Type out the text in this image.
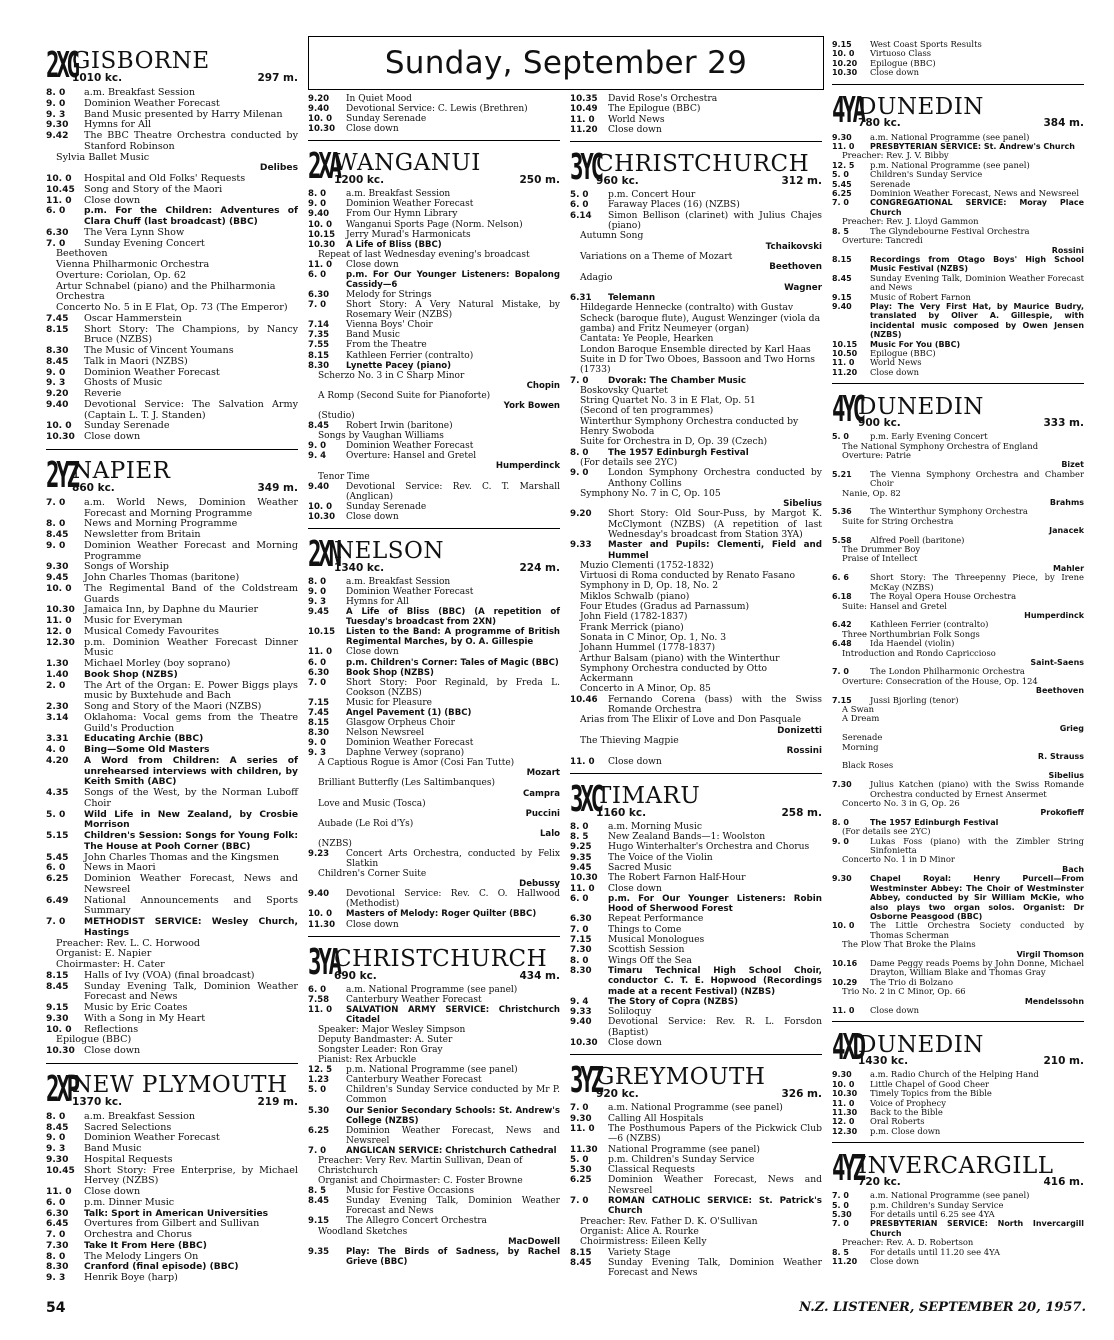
Sunday, September 29
2XG
GISBORNE
1010 kc.	297 m.
8. 0	a.m. Breakfast Session
9. 0	Dominion Weather Forecast
9. 3	Band Music presented by Harry Milenan
9.30	Hymns for All
9.42	The BBC Theatre Orchestra conducted by Stanford Robinson
Sylvia Ballet Music
Delibes
10. 0	Hospital and Old Folks' Requests
10.45 Song and Story of the Maori
11. 0	Close down
6. 0	p.m. For the Children: Adventures of Clara Chuff (last broadcast) (BBC)
6.30	The Vera Lynn Show
7. 0	Sunday Evening Concert
Beethoven
Vienna Philharmonic Orchestra
Overture: Coriolan, Op. 62
Artur Schnabel (piano) and the Philharmonia Orchestra
Concerto No. 5 in E Flat, Op. 73 (The Emperor)
7.45	Oscar Hammerstein
8.15	Short Story: The Champions, by Nancy Bruce (NZBS)
8.30	The Music of Vincent Youmans
8.45	Talk in Maori (NZBS)
9. 0	Dominion Weather Forecast
9. 3	Ghosts of Music
9.20	Reverie
9.40	Devotional Service: The Salvation Army (Captain L. T. J. Standen)
10. 0	Sunday Serenade
10.30 Close down
2YZ
NAPIER
860 kc.	349 m.
7. 0	a.m. World News, Dominion Weather Forecast and Morning Programme
8. 0	News and Morning Programme
8.45	Newsletter from Britain
9. 0	Dominion Weather Forecast and Morning Programme
9.30	Songs of Worship
9.45	John Charles Thomas (baritone)
10. 0	The Regimental Band of the Coldstream Guards
10.30 Jamaica Inn, by Daphne du Maurier
11. 0	Music for Everyman
12. 0	Musical Comedy Favourites
12.30 p.m. Dominion Weather Forecast Dinner Music
1.30	Michael Morley (boy soprano)
1.40	Book Shop (NZBS)
2. 0	The Art of the Organ: E. Power Biggs plays music by Buxtehude and Bach
2.30	Song and Story of the Maori (NZBS)
3.14	Oklahoma: Vocal gems from the Theatre Guild's Production
3.31	Educating Archie (BBC)
4. 0	Bing—Some Old Masters
4.20	A Word from Children: A series of unrehearsed interviews with children, by Keith Smith (ABC)
4.35	Songs of the West, by the Norman Luboff Choir
5. 0	Wild Life in New Zealand, by Crosbie Morrison
5.15	Children's Session: Songs for Young Folk: The House at Pooh Corner (BBC)
5.45	John Charles Thomas and the Kingsmen
6. 0	News in Maori
6.25	Dominion Weather Forecast, News and Newsreel
6.49	National Announcements and Sports Summary
7. 0	METHODIST SERVICE: Wesley Church, Hastings
Preacher: Rev. L. C. Horwood
Organist: E. Napier
Choirmaster: H. Cater
8.15	Halls of Ivy (VOA) (final broadcast)
8.45	Sunday Evening Talk, Dominion Weather Forecast and News
9.15	Music by Eric Coates
9.30	With a Song in My Heart
10. 0	Reflections
Epilogue (BBC)
10.30 Close down
2XP
NEW PLYMOUTH
1370 kc.	219 m.
8. 0	a.m. Breakfast Session
8.45	Sacred Selections
9. 0	Dominion Weather Forecast
9. 3	Band Music
9.30	Hospital Requests
10.45 Short Story: Free Enterprise, by Michael Hervey (NZBS)
11. 0	Close down
6. 0	p.m. Dinner Music
6.30	Talk: Sport in American Universities
6.45	Overtures from Gilbert and Sullivan
7. 0	Orchestra and Chorus
7.30	Take It From Here (BBC)
8. 0	The Melody Lingers On
8.30	Cranford (final episode) (BBC)
9. 3	Henrik Boye (harp)
9.20	In Quiet Mood
9.40	Devotional Service: C. Lewis (Brethren)
10. 0	Sunday Serenade
10.30	Close down
2XA
WANGANUI
1200 kc.	250 m.
8. 0	a.m. Breakfast Session
9. 0	Dominion Weather Forecast
9.40	From Our Hymn Library
10. 0	Wanganui Sports Page (Norm. Nelson)
10.15	Jerry Murad's Harmonicats
10.30	A Life of Bliss (BBC)
Repeat of last Wednesday evening's broadcast
11. 0	Close down
6. 0	p.m. For Our Younger Listeners: Bopalong Cassidy—6
6.30	Melody for Strings
7. 0	Short Story: A Very Natural Mistake, by Rosemary Weir (NZBS)
7.14	Vienna Boys' Choir
7.35	Band Music
7.55	From the Theatre
8.15	Kathleen Ferrier (contralto)
8.30	Lynette Pacey (piano)
Scherzo No. 3 in C Sharp Minor
Chopin
A Romp (Second Suite for Pianoforte)
York Bowen
(Studio)
8.45	Robert Irwin (baritone)
Songs by Vaughan Williams
9. 0	Dominion Weather Forecast
9. 4	Overture: Hansel and Gretel
Humperdinck
Tenor Time
9.40	Devotional Service: Rev. C. T. Marshall (Anglican)
10. 0	Sunday Serenade
10.30	Close down
2XN
NELSON
1340 kc.	224 m.
8. 0	a.m. Breakfast Session
9. 0	Dominion Weather Forecast
9. 3	Hymns for All
9.45	A Life of Bliss (BBC) (A repetition of Tuesday's broadcast from 2XN)
10.15	Listen to the Band: A programme of British Regimental Marches, by O. A. Gillespie
11. 0	Close down
6. 0	p.m. Children's Corner: Tales of Magic (BBC)
6.30	Book Shop (NZBS)
7. 0	Short Story: Poor Reginald, by Freda L. Cookson (NZBS)
7.15	Music for Pleasure
7.45	Angel Pavement (1) (BBC)
8.15	Glasgow Orpheus Choir
8.30	Nelson Newsreel
9. 0	Dominion Weather Forecast
9. 3	Daphne Verwey (soprano)
A Captious Rogue is Amor (Cosi Fan Tutte)
Mozart
Brilliant Butterfly (Les Saltimbanques)
Campra
Love and Music (Tosca)
Puccini
Aubade (Le Roi d'Ys)
Lalo
(NZBS)
9.23	Concert Arts Orchestra, conducted by Felix Slatkin
Children's Corner Suite
Debussy
9.40	Devotional Service: Rev. C. O. Hallwood (Methodist)
10. 0	Masters of Melody: Roger Quilter (BBC)
11.30	Close down
3YA
CHRISTCHURCH
690 kc.	434 m.
6. 0	a.m. National Programme (see panel)
7.58	Canterbury Weather Forecast
11. 0	SALVATION ARMY SERVICE: Christchurch Citadel
Speaker: Major Wesley Simpson
Deputy Bandmaster: A. Suter
Songster Leader: Ron Gray
Pianist: Rex Arbuckle
12. 5	p.m. National Programme (see panel)
1.23	Canterbury Weather Forecast
5. 0	Children's Sunday Service conducted by Mr P. Common
5.30	Our Senior Secondary Schools: St. Andrew's College (NZBS)
6.25	Dominion Weather Forecast, News and Newsreel
7. 0	ANGLICAN SERVICE: Christchurch Cathedral
Preacher: Very Rev. Martin Sullivan, Dean of Christchurch
Organist and Choirmaster: C. Foster Browne
8. 5	Music for Festive Occasions
8.45	Sunday Evening Talk, Dominion Weather Forecast and News
9.15	The Allegro Concert Orchestra
Woodland Sketches
MacDowell
9.35	Play: The Birds of Sadness, by Rachel Grieve (BBC)
10.35	David Rose's Orchestra
10.49	The Epilogue (BBC)
11. 0	World News
11.20	Close down
3YC
CHRISTCHURCH
960 kc.	312 m.
5. 0	p.m. Concert Hour
6. 0	Faraway Places (16) (NZBS)
6.14	Simon Bellison (clarinet) with Julius Chajes (piano)
Autumn Song
Tchaikovski
Variations on a Theme of Mozart
Beethoven
Adagio
Wagner
6.31	Telemann
Hildegarde Hennecke (contralto) with Gustav Scheck (baroque flute), August Wenzinger (viola da gamba) and Fritz Neumeyer (organ)
Cantata: Ye People, Hearken
London Baroque Ensemble directed by Karl Haas
Suite in D for Two Oboes, Bassoon and Two Horns (1733)
7. 0	Dvorak: The Chamber Music
Boskovsky Quartet
String Quartet No. 3 in E Flat, Op. 51
(Second of ten programmes)
Winterthur Symphony Orchestra conducted by Henry Swoboda
Suite for Orchestra in D, Op. 39 (Czech)
8. 0	The 1957 Edinburgh Festival
(For details see 2YC)
9. 0	London Symphony Orchestra conducted by Anthony Collins
Symphony No. 7 in C, Op. 105
Sibelius
9.20	Short Story: Old Sour-Puss, by Margot K. McClymont (NZBS) (A repetition of last Wednesday's broadcast from Station 3YA)
9.33	Master and Pupils: Clementi, Field and Hummel
Muzio Clementi (1752-1832)
Virtuosi di Roma conducted by Renato Fasano
Symphony in D, Op. 18, No. 2
Miklos Schwalb (piano)
Four Etudes (Gradus ad Parnassum)
John Field (1782-1837)
Frank Merrick (piano)
Sonata in C Minor, Op. 1, No. 3
Johann Hummel (1778-1837)
Arthur Balsam (piano) with the Winterthur Symphony Orchestra conducted by Otto Ackermann
Concerto in A Minor, Op. 85
10.46	Fernando Corena (bass) with the Swiss Romande Orchestra
Arias from The Elixir of Love and Don Pasquale
Donizetti
The Thieving Magpie
Rossini
11. 0	Close down
3XC
TIMARU
1160 kc.	258 m.
8. 0	a.m. Morning Music
8. 5	New Zealand Bands—1: Woolston
9.25	Hugo Winterhalter's Orchestra and Chorus
9.35	The Voice of the Violin
9.45	Sacred Music
10.30	The Robert Farnon Half-Hour
11. 0	Close down
6. 0	p.m. For Our Younger Listeners: Robin Hood of Sherwood Forest
6.30	Repeat Performance
7. 0	Things to Come
7.15	Musical Monologues
7.30	Scottish Session
8. 0	Wings Off the Sea
8.30	Timaru Technical High School Choir, conductor C. T. E. Hopwood (Recordings made at a recent Festival) (NZBS)
9. 4	The Story of Copra (NZBS)
9.33	Soliloquy
9.40	Devotional Service: Rev. R. L. Forsdon (Baptist)
10.30	Close down
3YZ
GREYMOUTH
920 kc.	326 m.
7. 0	a.m. National Programme (see panel)
9.30	Calling All Hospitals
11. 0	The Posthumous Papers of the Pickwick Club—6 (NZBS)
11.30	National Programme (see panel)
5. 0	p.m. Children's Sunday Service
5.30	Classical Requests
6.25	Dominion Weather Forecast, News and Newsreel
7. 0	ROMAN CATHOLIC SERVICE: St. Patrick's Church
Preacher: Rev. Father D. K. O'Sullivan
Organist: Alice A. Rourke
Choirmistress: Eileen Kelly
8.15	Variety Stage
8.45	Sunday Evening Talk, Dominion Weather Forecast and News
9.15	West Coast Sports Results
10. 0	Virtuoso Class
10.20	Epilogue (BBC)
10.30	Close down
4YA
DUNEDIN
780 kc.	384 m.
9.30	a.m. National Programme (see panel)
11. 0	PRESBYTERIAN SERVICE: St. Andrew's Church
Preacher: Rev. J. V. Bibby
12. 5	p.m. National Programme (see panel)
5. 0	Children's Sunday Service
5.45	Serenade
6.25	Dominion Weather Forecast, News and Newsreel
7. 0	CONGREGATIONAL SERVICE: Moray Place Church
Preacher: Rev. J. Lloyd Gammon
8. 5	The Glyndebourne Festival Orchestra
Overture: Tancredi
Rossini
8.15	Recordings from Otago Boys' High School Music Festival (NZBS)
8.45	Sunday Evening Talk, Dominion Weather Forecast and News
9.15	Music of Robert Farnon
9.40	Play: The Very First Hat, by Maurice Budry, translated by Oliver A. Gillespie, with incidental music composed by Owen Jensen (NZBS)
10.15	Music For You (BBC)
10.50	Epilogue (BBC)
11. 0	World News
11.20	Close down
4YC
DUNEDIN
900 kc.	333 m.
5. 0	p.m. Early Evening Concert
The National Symphony Orchestra of England
Overture: Patrie
Bizet
5.21	The Vienna Symphony Orchestra and Chamber Choir
Nanie, Op. 82
Brahms
5.36	The Winterthur Symphony Orchestra
Suite for String Orchestra
Janacek
5.58	Alfred Poell (baritone)
The Drummer Boy
Praise of Intellect
Mahler
6. 6	Short Story: The Threepenny Piece, by Irene McKay (NZBS)
6.18	The Royal Opera House Orchestra
Suite: Hansel and Gretel
Humperdinck
6.42	Kathleen Ferrier (contralto)
Three Northumbrian Folk Songs
6.48	Ida Haendel (violin)
Introduction and Rondo Capriccioso
Saint-Saens
7. 0	The London Philharmonic Orchestra
Overture: Consecration of the House, Op. 124
Beethoven
7.15	Jussi Bjorling (tenor)
A Swan
A Dream
Grieg
Serenade
Morning
R. Strauss
Black Roses
Sibelius
7.30	Julius Katchen (piano) with the Swiss Romande Orchestra conducted by Ernest Ansermet
Concerto No. 3 in G, Op. 26
Prokofieff
8. 0	The 1957 Edinburgh Festival
(For details see 2YC)
9. 0	Lukas Foss (piano) with the Zimbler String Sinfonietta
Concerto No. 1 in D Minor
Bach
9.30	Chapel Royal: Henry Purcell—From Westminster Abbey: The Choir of Westminster Abbey, conducted by Sir William McKie, who also plays two organ solos. Organist: Dr Osborne Peasgood (BBC)
10. 0	The Little Orchestra Society conducted by Thomas Scherman
The Plow That Broke the Plains
Virgil Thomson
10.16	Dame Peggy reads Poems by John Donne, Michael Drayton, William Blake and Thomas Gray
10.29	The Trio di Bolzano
Trio No. 2 in C Minor, Op. 66
Mendelssohn
11. 0	Close down
4XD
DUNEDIN
1430 kc.	210 m.
9.30	a.m. Radio Church of the Helping Hand
10. 0	Little Chapel of Good Cheer
10.30	Timely Topics from the Bible
11. 0	Voice of Prophecy
11.30	Back to the Bible
12. 0	Oral Roberts
12.30	p.m. Close down
4YZ
INVERCARGILL
720 kc.	416 m.
7. 0	a.m. National Programme (see panel)
5. 0	p.m. Children's Sunday Service
5.30	For details until 6.25 see 4YA
7. 0	PRESBYTERIAN SERVICE: North Invercargill Church
Preacher: Rev. A. D. Robertson
8. 5	For details until 11.20 see 4YA
11.20	Close down
54	N.Z. LISTENER, SEPTEMBER 20, 1957.
